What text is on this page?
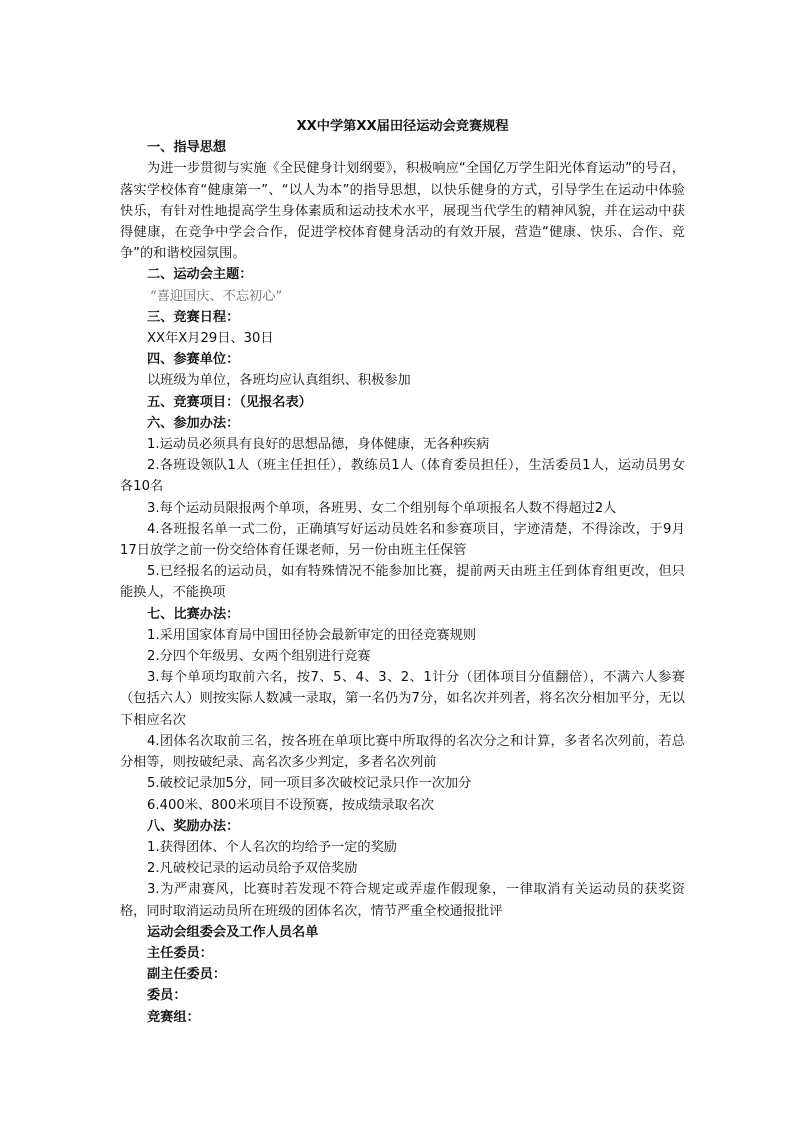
XX中学第XX届田径运动会竞赛规程
一、指导思想
为进一步贯彻与实施《全民健身计划纲要》，积极响应“全国亿万学生阳光体育运动”的号召，落实学校体育“健康第一”、“以人为本”的指导思想，以快乐健身的方式，引导学生在运动中体验快乐，有针对性地提高学生身体素质和运动技术水平，展现当代学生的精神风貌，并在运动中获得健康，在竞争中学会合作，促进学校体育健身活动的有效开展，营造“健康、快乐、合作、竞争”的和谐校园氛围。
二、运动会主题：
“喜迎国庆、不忘初心”
三、竞赛日程：
XX年X月29日、30日
四、参赛单位：
以班级为单位，各班均应认真组织、积极参加
五、竞赛项目：（见报名表）
六、参加办法：
1.运动员必须具有良好的思想品德，身体健康，无各种疾病
2.各班设领队1人（班主任担任），教练员1人（体育委员担任），生活委员1人，运动员男女各10名
3.每个运动员限报两个单项，各班男、女二个组别每个单项报名人数不得超过2人
4.各班报名单一式二份，正确填写好运动员姓名和参赛项目，字迹清楚，不得涂改，于9月17日放学之前一份交给体育任课老师，另一份由班主任保管
5.已经报名的运动员，如有特殊情况不能参加比赛，提前两天由班主任到体育组更改，但只能换人，不能换项
七、比赛办法：
1.采用国家体育局中国田径协会最新审定的田径竞赛规则
2.分四个年级男、女两个组别进行竞赛
3.每个单项均取前六名，按7、5、4、3、2、1计分（团体项目分值翻倍），不满六人参赛（包括六人）则按实际人数减一录取，第一名仍为7分，如名次并列者，将名次分相加平分，无以下相应名次
4.团体名次取前三名，按各班在单项比赛中所取得的名次分之和计算，多者名次列前，若总分相等，则按破纪录、高名次多少判定，多者名次列前
5.破校记录加5分，同一项目多次破校记录只作一次加分
6.400米、800米项目不设预赛，按成绩录取名次
八、奖励办法：
1.获得团体、个人名次的均给予一定的奖励
2.凡破校记录的运动员给予双倍奖励
3.为严肃赛风，比赛时若发现不符合规定或弄虚作假现象，一律取消有关运动员的获奖资格，同时取消运动员所在班级的团体名次，情节严重全校通报批评
运动会组委会及工作人员名单
主任委员：
副主任委员：
委员：
竞赛组：
